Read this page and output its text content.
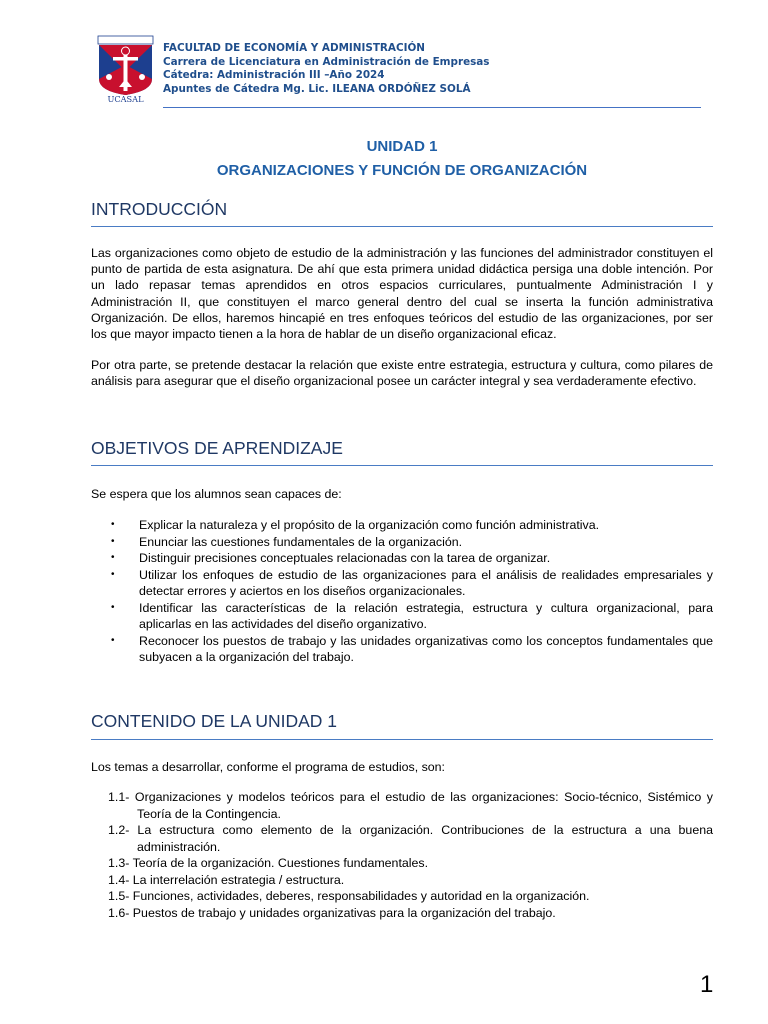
UCASAL
FACULTAD DE ECONOMÍA Y ADMINISTRACIÓN
Carrera de Licenciatura en Administración de Empresas
Cátedra: Administración III –Año 2024
Apuntes de Cátedra Mg. Lic. ILEANA ORDÓÑEZ SOLÁ
UNIDAD 1
ORGANIZACIONES Y FUNCIÓN DE ORGANIZACIÓN
INTRODUCCIÓN

Las organizaciones como objeto de estudio de la administración y las funciones del administrador constituyen el punto de partida de esta asignatura. De ahí que esta primera unidad didáctica persiga una doble intención. Por un lado repasar temas aprendidos en otros espacios curriculares, puntualmente Administración I y Administración II, que constituyen el marco general dentro del cual se inserta la función administrativa Organización. De ellos, haremos hincapié en tres enfoques teóricos del estudio de las organizaciones, por ser los que mayor impacto tienen a la hora de hablar de un diseño organizacional eficaz.

Por otra parte, se pretende destacar la relación que existe entre estrategia, estructura y cultura, como pilares de análisis para asegurar que el diseño organizacional posee un carácter integral y sea verdaderamente efectivo.

OBJETIVOS DE APRENDIZAJE

Se espera que los alumnos sean capaces de:

• Explicar la naturaleza y el propósito de la organización como función administrativa.
• Enunciar las cuestiones fundamentales de la organización.
• Distinguir precisiones conceptuales relacionadas con la tarea de organizar.
• Utilizar los enfoques de estudio de las organizaciones para el análisis de realidades empresariales y detectar errores y aciertos en los diseños organizacionales.
• Identificar las características de la relación estrategia, estructura y cultura organizacional, para aplicarlas en las actividades del diseño organizativo.
• Reconocer los puestos de trabajo y las unidades organizativas como los conceptos fundamentales que subyacen a la organización del trabajo.
CONTENIDO DE LA UNIDAD 1

Los temas a desarrollar, conforme el programa de estudios, son:

1.1- Organizaciones y modelos teóricos para el estudio de las organizaciones: Socio-técnico, Sistémico y Teoría de la Contingencia.
1.2- La estructura como elemento de la organización. Contribuciones de la estructura a una buena administración.
1.3- Teoría de la organización. Cuestiones fundamentales.
1.4- La interrelación estrategia / estructura.
1.5- Funciones, actividades, deberes, responsabilidades y autoridad en la organización.
1.6- Puestos de trabajo y unidades organizativas para la organización del trabajo.
1
